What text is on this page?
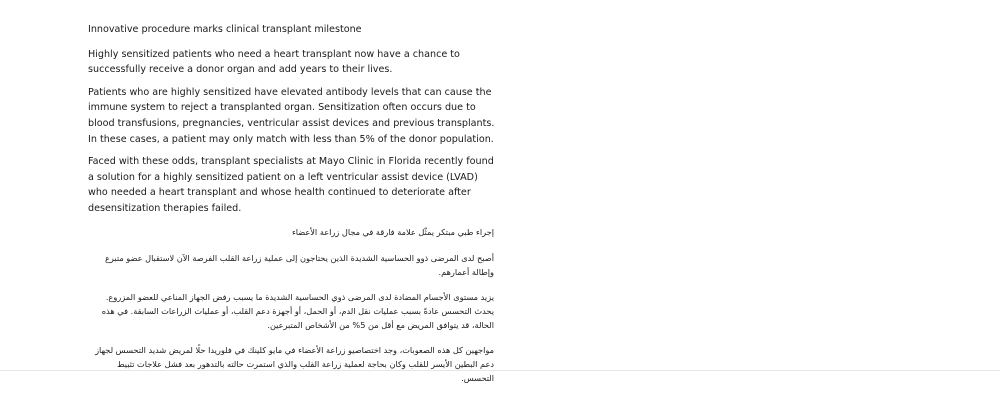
Innovative procedure marks clinical transplant milestone

Highly sensitized patients who need a heart transplant now have a chance to successfully receive a donor organ and add years to their lives.

Patients who are highly sensitized have elevated antibody levels that can cause the immune system to reject a transplanted organ. Sensitization often occurs due to blood transfusions, pregnancies, ventricular assist devices and previous transplants. In these cases, a patient may only match with less than 5% of the donor population.

Faced with these odds, transplant specialists at Mayo Clinic in Florida recently found a solution for a highly sensitized patient on a left ventricular assist device (LVAD) who needed a heart transplant and whose health continued to deteriorate after desensitization therapies failed.

إجراء طبي مبتكر يمثّل علامة فارقة في مجال زراعة الأعضاء

أصبح لدى المرضى ذوو الحساسية الشديدة الذين يحتاجون إلى عملية زراعة القلب الفرصة الآن لاستقبال عضو متبرع وإطالة أعمارهم.

يزيد مستوى الأجسام المضادة لدى المرضى ذوي الحساسية الشديدة ما يسبب رفض الجهاز المناعي للعضو المزروع. يحدث التحسس عادةً بسبب عمليات نقل الدم، أو الحمل، أو أجهزة دعم القلب، أو عمليات الزراعات السابقة. في هذه الحالة، قد يتوافق المريض مع أقل من 5% من الأشخاص المتبرعين.

مواجهين كل هذه الصعوبات، وجد اختصاصيو زراعة الأعضاء في مايو كلينك في فلوريدا حلًا لمريض شديد التحسس لجهاز دعم البطين الأيسر للقلب وكان بحاجة لعملية زراعة القلب والذي استمرت حالته بالتدهور بعد فشل علاجات تثبيط التحسس.
